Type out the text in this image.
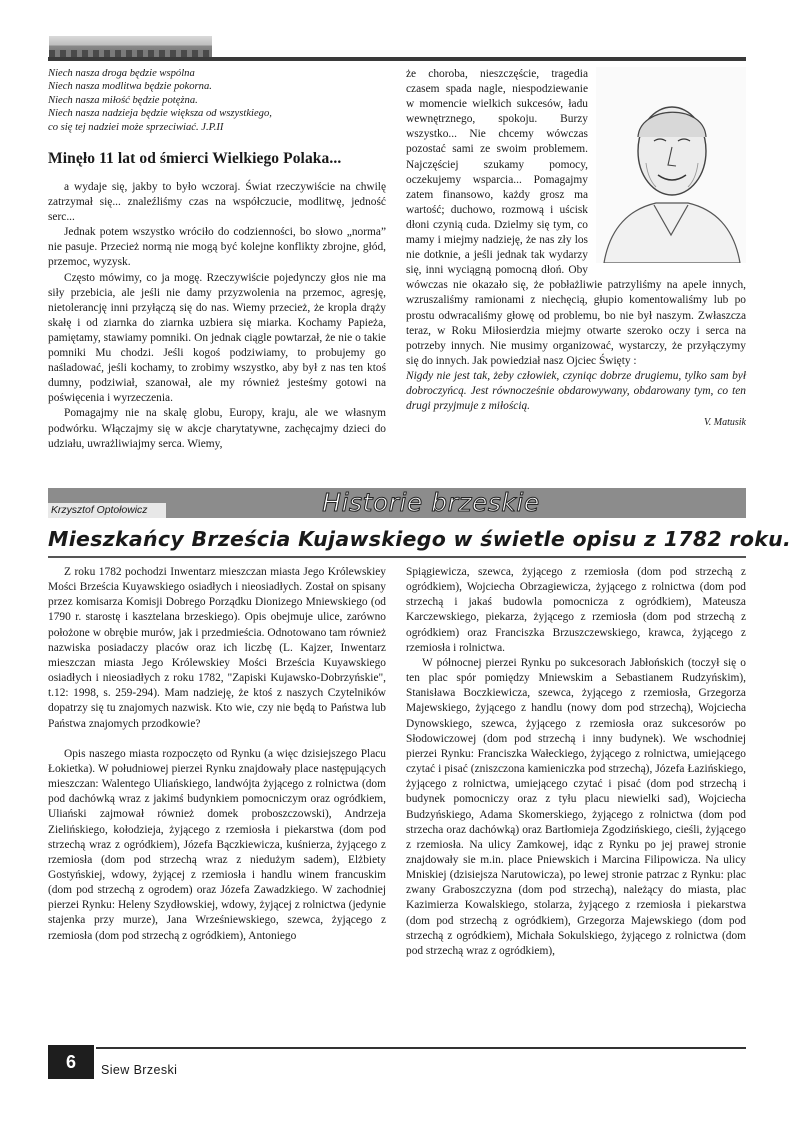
Niech nasza droga będzie wspólna
Niech nasza modlitwa będzie pokorna.
Niech nasza miłość będzie potężna.
Niech nasza nadzieja będzie większa od wszystkiego,
co się tej nadziei może sprzeciwiać. J.P.II
Minęło 11 lat od śmierci Wielkiego Polaka...

a wydaje się, jakby to było wczoraj. Świat rzeczywiście na chwilę zatrzymał się... znaleźliśmy czas na współczucie, modlitwę, jedność serc...

Jednak potem wszystko wróciło do codzienności, bo słowo „norma” nie pasuje. Przecież normą nie mogą być kolejne konflikty zbrojne, głód, przemoc, wyzysk.

Często mówimy, co ja mogę. Rzeczywiście pojedynczy głos nie ma siły przebicia, ale jeśli nie damy przyzwolenia na przemoc, agresję, nietolerancję inni przyłączą się do nas. Wiemy przecież, że kropla drąży skałę i od ziarnka do ziarnka uzbiera się miarka. Kochamy Papieża, pamiętamy, stawiamy pomniki. On jednak ciągle powtarzał, że nie o takie pomniki Mu chodzi. Jeśli kogoś podziwiamy, to probujemy go naśladować, jeśli kochamy, to zrobimy wszystko, aby był z nas ten ktoś dumny, podziwiał, szanował, ale my również jesteśmy gotowi na poświęcenia i wyrzeczenia.

Pomagajmy nie na skalę globu, Europy, kraju, ale we własnym podwórku. Włączajmy się w akcje charytatywne, zachęcajmy dzieci do udziału, uwrażliwiajmy serca. Wiemy,

że choroba, nieszczęście, tragedia czasem spada nagle, niespodziewanie w momencie wielkich sukcesów, ładu wewnętrznego, spokoju. Burzy wszystko... Nie chcemy wówczas pozostać sami ze swoim problemem. Najczęściej szukamy pomocy, oczekujemy wsparcia... Pomagajmy zatem finansowo, każdy grosz ma wartość; duchowo, rozmową i uścisk dłoni czynią cuda. Dzielmy się tym, co mamy i miejmy nadzieję, że nas zły los nie dotknie, a jeśli jednak tak wydarzy się, inni wyciągną pomocną dłoń. Oby wówczas nie okazało się, że pobłażliwie patrzyliśmy na apele innych, wzruszaliśmy ramionami z niechęcią, głupio komentowaliśmy lub po prostu odwracaliśmy głowę od problemu, bo nie był naszym. Zwłaszcza teraz, w Roku Miłosierdzia miejmy otwarte szeroko oczy i serca na potrzeby innych. Nie musimy organizować, wystarczy, że przyłączymy się do innych. Jak powiedział nasz Ojciec Święty :

Nigdy nie jest tak, żeby człowiek, czyniąc dobrze drugiemu, tylko sam był dobroczyńcą. Jest równocześnie obdarowywany, obdarowany tym, co ten drugi przyjmuje z miłością.

V. Matusik
Krzysztof Optołowicz	Historie brzeskie
Mieszkańcy Brześcia Kujawskiego w świetle opisu z 1782 roku.

Z roku 1782 pochodzi Inwentarz mieszczan miasta Jego Królewskiey Mości Brześcia Kuyawskiego osiadłych i nieosiadłych. Został on spisany przez komisarza Komisji Dobrego Porządku Dionizego Mniewskiego (od 1790 r. starostę i kasztelana brzeskiego). Opis obejmuje ulice, zarówno położone w obrębie murów, jak i przedmieścia. Odnotowano tam również nazwiska posiadaczy placów oraz ich liczbę (L. Kajzer, Inwentarz mieszczan miasta Jego Królewskiey Mości Brześcia Kuyawskiego osiadłych i nieosiadłych z roku 1782, "Zapiski Kujawsko-Dobrzyńskie", t.12: 1998, s. 259-294). Mam nadzieję, że ktoś z naszych Czytelników dopatrzy się tu znajomych nazwisk. Kto wie, czy nie będą to Państwa lub Państwa znajomych przodkowie?

Opis naszego miasta rozpoczęto od Rynku (a więc dzisiejszego Placu Łokietka). W południowej pierzei Rynku znajdowały place następujących mieszczan: Walentego Uliańskiego, landwójta żyjącego z rolnictwa (dom pod dachówką wraz z jakimś budynkiem pomocniczym oraz ogródkiem, Uliański zajmował również domek proboszczowski), Andrzeja Zielińskiego, kołodzieja, żyjącego z rzemiosła i piekarstwa (dom pod strzechą wraz z ogródkiem), Józefa Bączkiewicza, kuśnierza, żyjącego z rzemiosła (dom pod strzechą wraz z niedużym sadem), Elżbiety Gostyńskiej, wdowy, żyjącej z rzemiosła i handlu winem francuskim (dom pod strzechą z ogrodem) oraz Józefa Zawadzkiego. W zachodniej pierzei Rynku: Heleny Szydłowskiej, wdowy, żyjącej z rolnictwa (jedynie stajenka przy murze), Jana Wrześniewskiego, szewca, żyjącego z rzemiosła (dom pod strzechą z ogródkiem), Antoniego

Spiągiewicza, szewca, żyjącego z rzemiosła (dom pod strzechą z ogródkiem), Wojciecha Obrzagiewicza, żyjącego z rolnictwa (dom pod strzechą i jakaś budowla pomocnicza z ogródkiem), Mateusza Karczewskiego, piekarza, żyjącego z rzemiosła (dom pod strzechą z ogródkiem) oraz Franciszka Brzuszczewskiego, krawca, żyjącego z rzemiosła i rolnictwa.

W północnej pierzei Rynku po sukcesorach Jabłońskich (toczył się o ten plac spór pomiędzy Mniewskim a Sebastianem Rudzyńskim), Stanisława Boczkiewicza, szewca, żyjącego z rzemiosła, Grzegorza Majewskiego, żyjącego z handlu (nowy dom pod strzechą), Wojciecha Dynowskiego, szewca, żyjącego z rzemiosła oraz sukcesorów po Słodowiczowej (dom pod strzechą i inny budynek). We wschodniej pierzei Rynku: Franciszka Wałeckiego, żyjącego z rolnictwa, umiejącego czytać i pisać (zniszczona kamieniczka pod strzechą), Józefa Łazińskiego, żyjącego z rolnictwa, umiejącego czytać i pisać (dom pod strzechą i budynek pomocniczy oraz z tyłu placu niewielki sad), Wojciecha Budzyńskiego, Adama Skomerskiego, żyjącego z rolnictwa (dom pod strzecha oraz dachówką) oraz Bartłomieja Zgodzińskiego, cieśli, żyjącego z rzemiosła. Na ulicy Zamkowej, idąc z Rynku po jej prawej stronie znajdowały sie m.in. place Pniewskich i Marcina Filipowicza. Na ulicy Mniskiej (dzisiejsza Narutowicza), po lewej stronie patrzac z Rynku: plac zwany Graboszczyzna (dom pod strzechą), należący do miasta, plac Kazimierza Kowalskiego, stolarza, żyjącego z rzemiosła i piekarstwa (dom pod strzechą z ogródkiem), Grzegorza Majewskiego (dom pod strzechą z ogródkiem), Michała Sokulskiego, żyjącego z rolnictwa (dom pod strzechą wraz z ogródkiem),

6	Siew Brzeski
